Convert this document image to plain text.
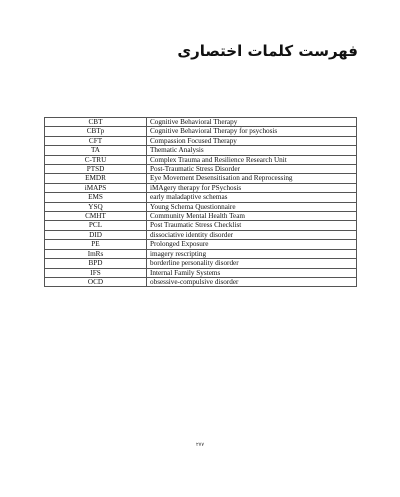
فهرست کلمات اختصاری
CBT	Cognitive Behavioral Therapy
CBTp	Cognitive Behavioral Therapy for psychosis
CFT	Compassion Focused Therapy
TA	Thematic Analysis
C-TRU	Complex Trauma and Resilience Research Unit
PTSD	Post-Traumatic Stress Disorder
EMDR	Eye Movement Desensitisation and Reprocessing
iMAPS	iMAgery therapy for PSychosis
EMS	early maladaptive schemas
YSQ	Young Schema Questionnaire
CMHT	Community Mental Health Team
PCL	Post Traumatic Stress Checklist
DID	dissociative identity disorder
PE	Prolonged Exposure
ImRs	imagery rescripting
BPD	borderline personality disorder
IFS	Internal Family Systems
OCD	obsessive-compulsive disorder
۲۷۷
